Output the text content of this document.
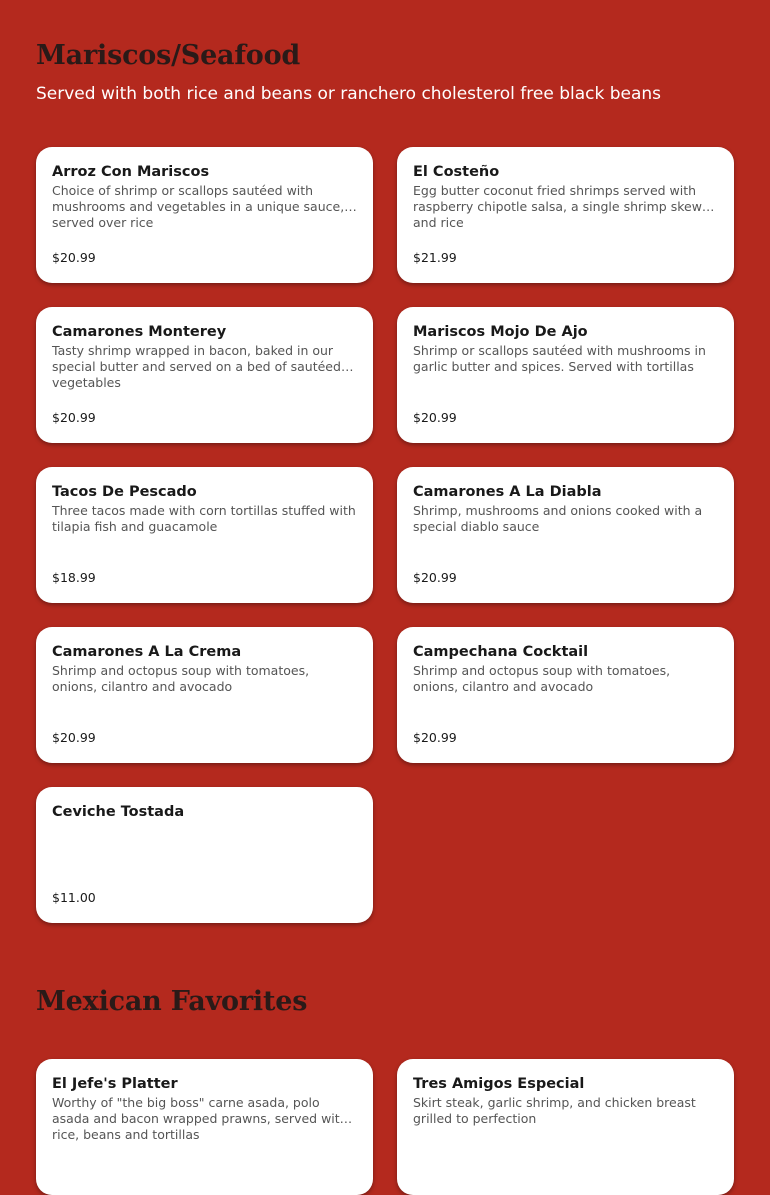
Mariscos/Seafood

Served with both rice and beans or ranchero cholesterol free black beans

Arroz Con Mariscos
Choice of shrimp or scallops sautéed with mushrooms and vegetables in a unique sauce, served over rice
$20.99
El Costeño
Egg butter coconut fried shrimps served with raspberry chipotle salsa, a single shrimp skewer and rice
$21.99
Camarones Monterey
Tasty shrimp wrapped in bacon, baked in our special butter and served on a bed of sautéed vegetables
$20.99
Mariscos Mojo De Ajo
Shrimp or scallops sautéed with mushrooms in garlic butter and spices. Served with tortillas
$20.99
Tacos De Pescado
Three tacos made with corn tortillas stuffed with tilapia fish and guacamole
$18.99
Camarones A La Diabla
Shrimp, mushrooms and onions cooked with a special diablo sauce
$20.99
Camarones A La Crema
Shrimp and octopus soup with tomatoes, onions, cilantro and avocado
$20.99
Campechana Cocktail
Shrimp and octopus soup with tomatoes, onions, cilantro and avocado
$20.99
Ceviche Tostada
$11.00
Mexican Favorites
El Jefe's Platter
Worthy of "the big boss" carne asada, polo asada and bacon wrapped prawns, served with rice, beans and tortillas
Tres Amigos Especial
Skirt steak, garlic shrimp, and chicken breast grilled to perfection
